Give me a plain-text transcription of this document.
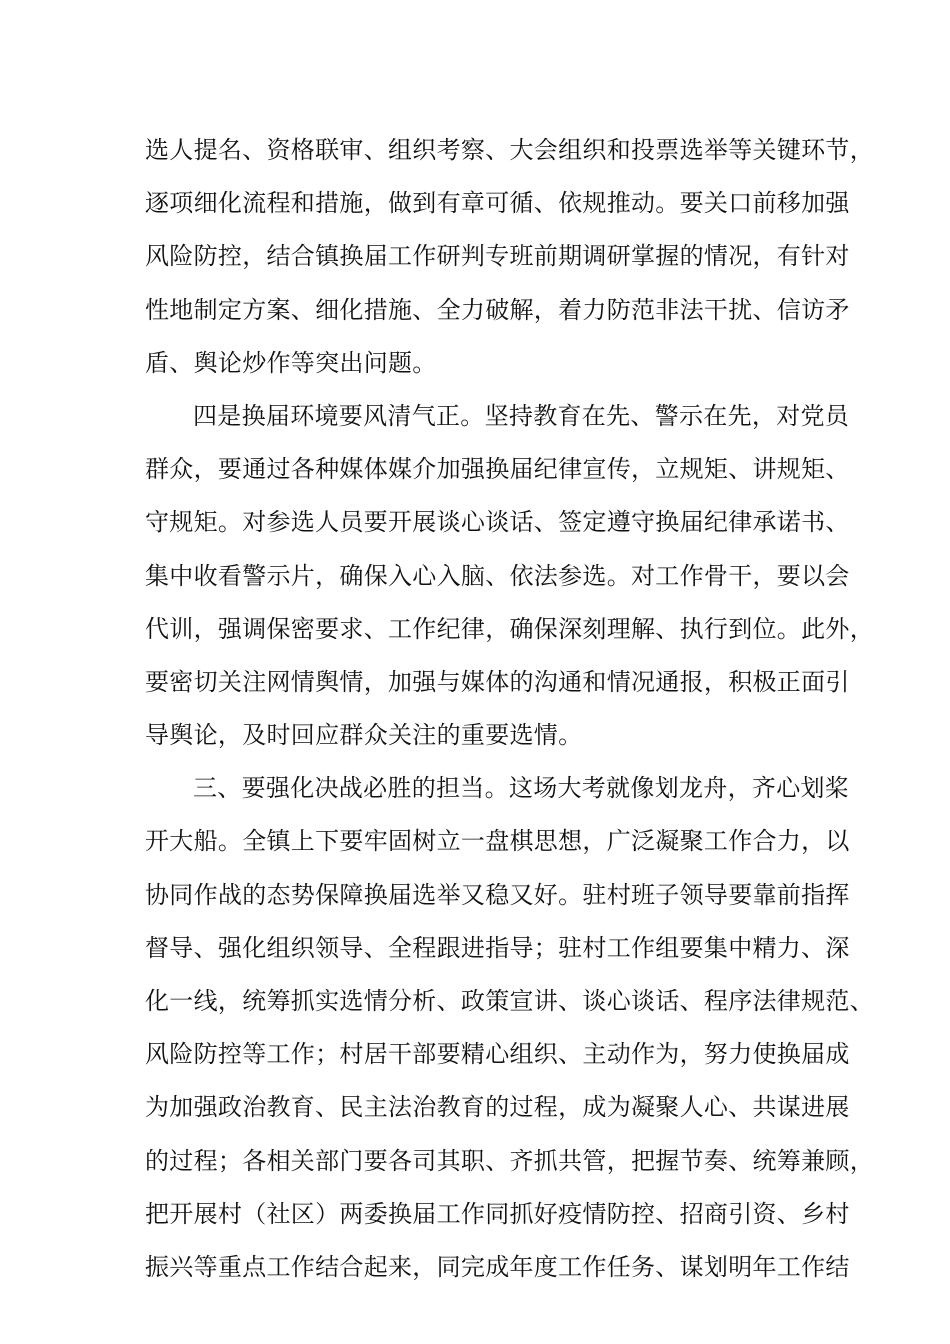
选人提名、资格联审、组织考察、大会组织和投票选举等关键环节，
逐项细化流程和措施，做到有章可循、依规推动。要关口前移加强
风险防控，结合镇换届工作研判专班前期调研掌握的情况，有针对
性地制定方案、细化措施、全力破解，着力防范非法干扰、信访矛
盾、舆论炒作等突出问题。
四是换届环境要风清气正。坚持教育在先、警示在先，对党员
群众，要通过各种媒体媒介加强换届纪律宣传，立规矩、讲规矩、
守规矩。对参选人员要开展谈心谈话、签定遵守换届纪律承诺书、
集中收看警示片，确保入心入脑、依法参选。对工作骨干，要以会
代训，强调保密要求、工作纪律，确保深刻理解、执行到位。此外，
要密切关注网情舆情，加强与媒体的沟通和情况通报，积极正面引
导舆论，及时回应群众关注的重要选情。
三、要强化决战必胜的担当。这场大考就像划龙舟，齐心划桨
开大船。全镇上下要牢固树立一盘棋思想，广泛凝聚工作合力，以
协同作战的态势保障换届选举又稳又好。驻村班子领导要靠前指挥
督导、强化组织领导、全程跟进指导；驻村工作组要集中精力、深
化一线，统筹抓实选情分析、政策宣讲、谈心谈话、程序法律规范、
风险防控等工作；村居干部要精心组织、主动作为，努力使换届成
为加强政治教育、民主法治教育的过程，成为凝聚人心、共谋进展
的过程；各相关部门要各司其职、齐抓共管，把握节奏、统筹兼顾，
把开展村（社区）两委换届工作同抓好疫情防控、招商引资、乡村
振兴等重点工作结合起来，同完成年度工作任务、谋划明年工作结
